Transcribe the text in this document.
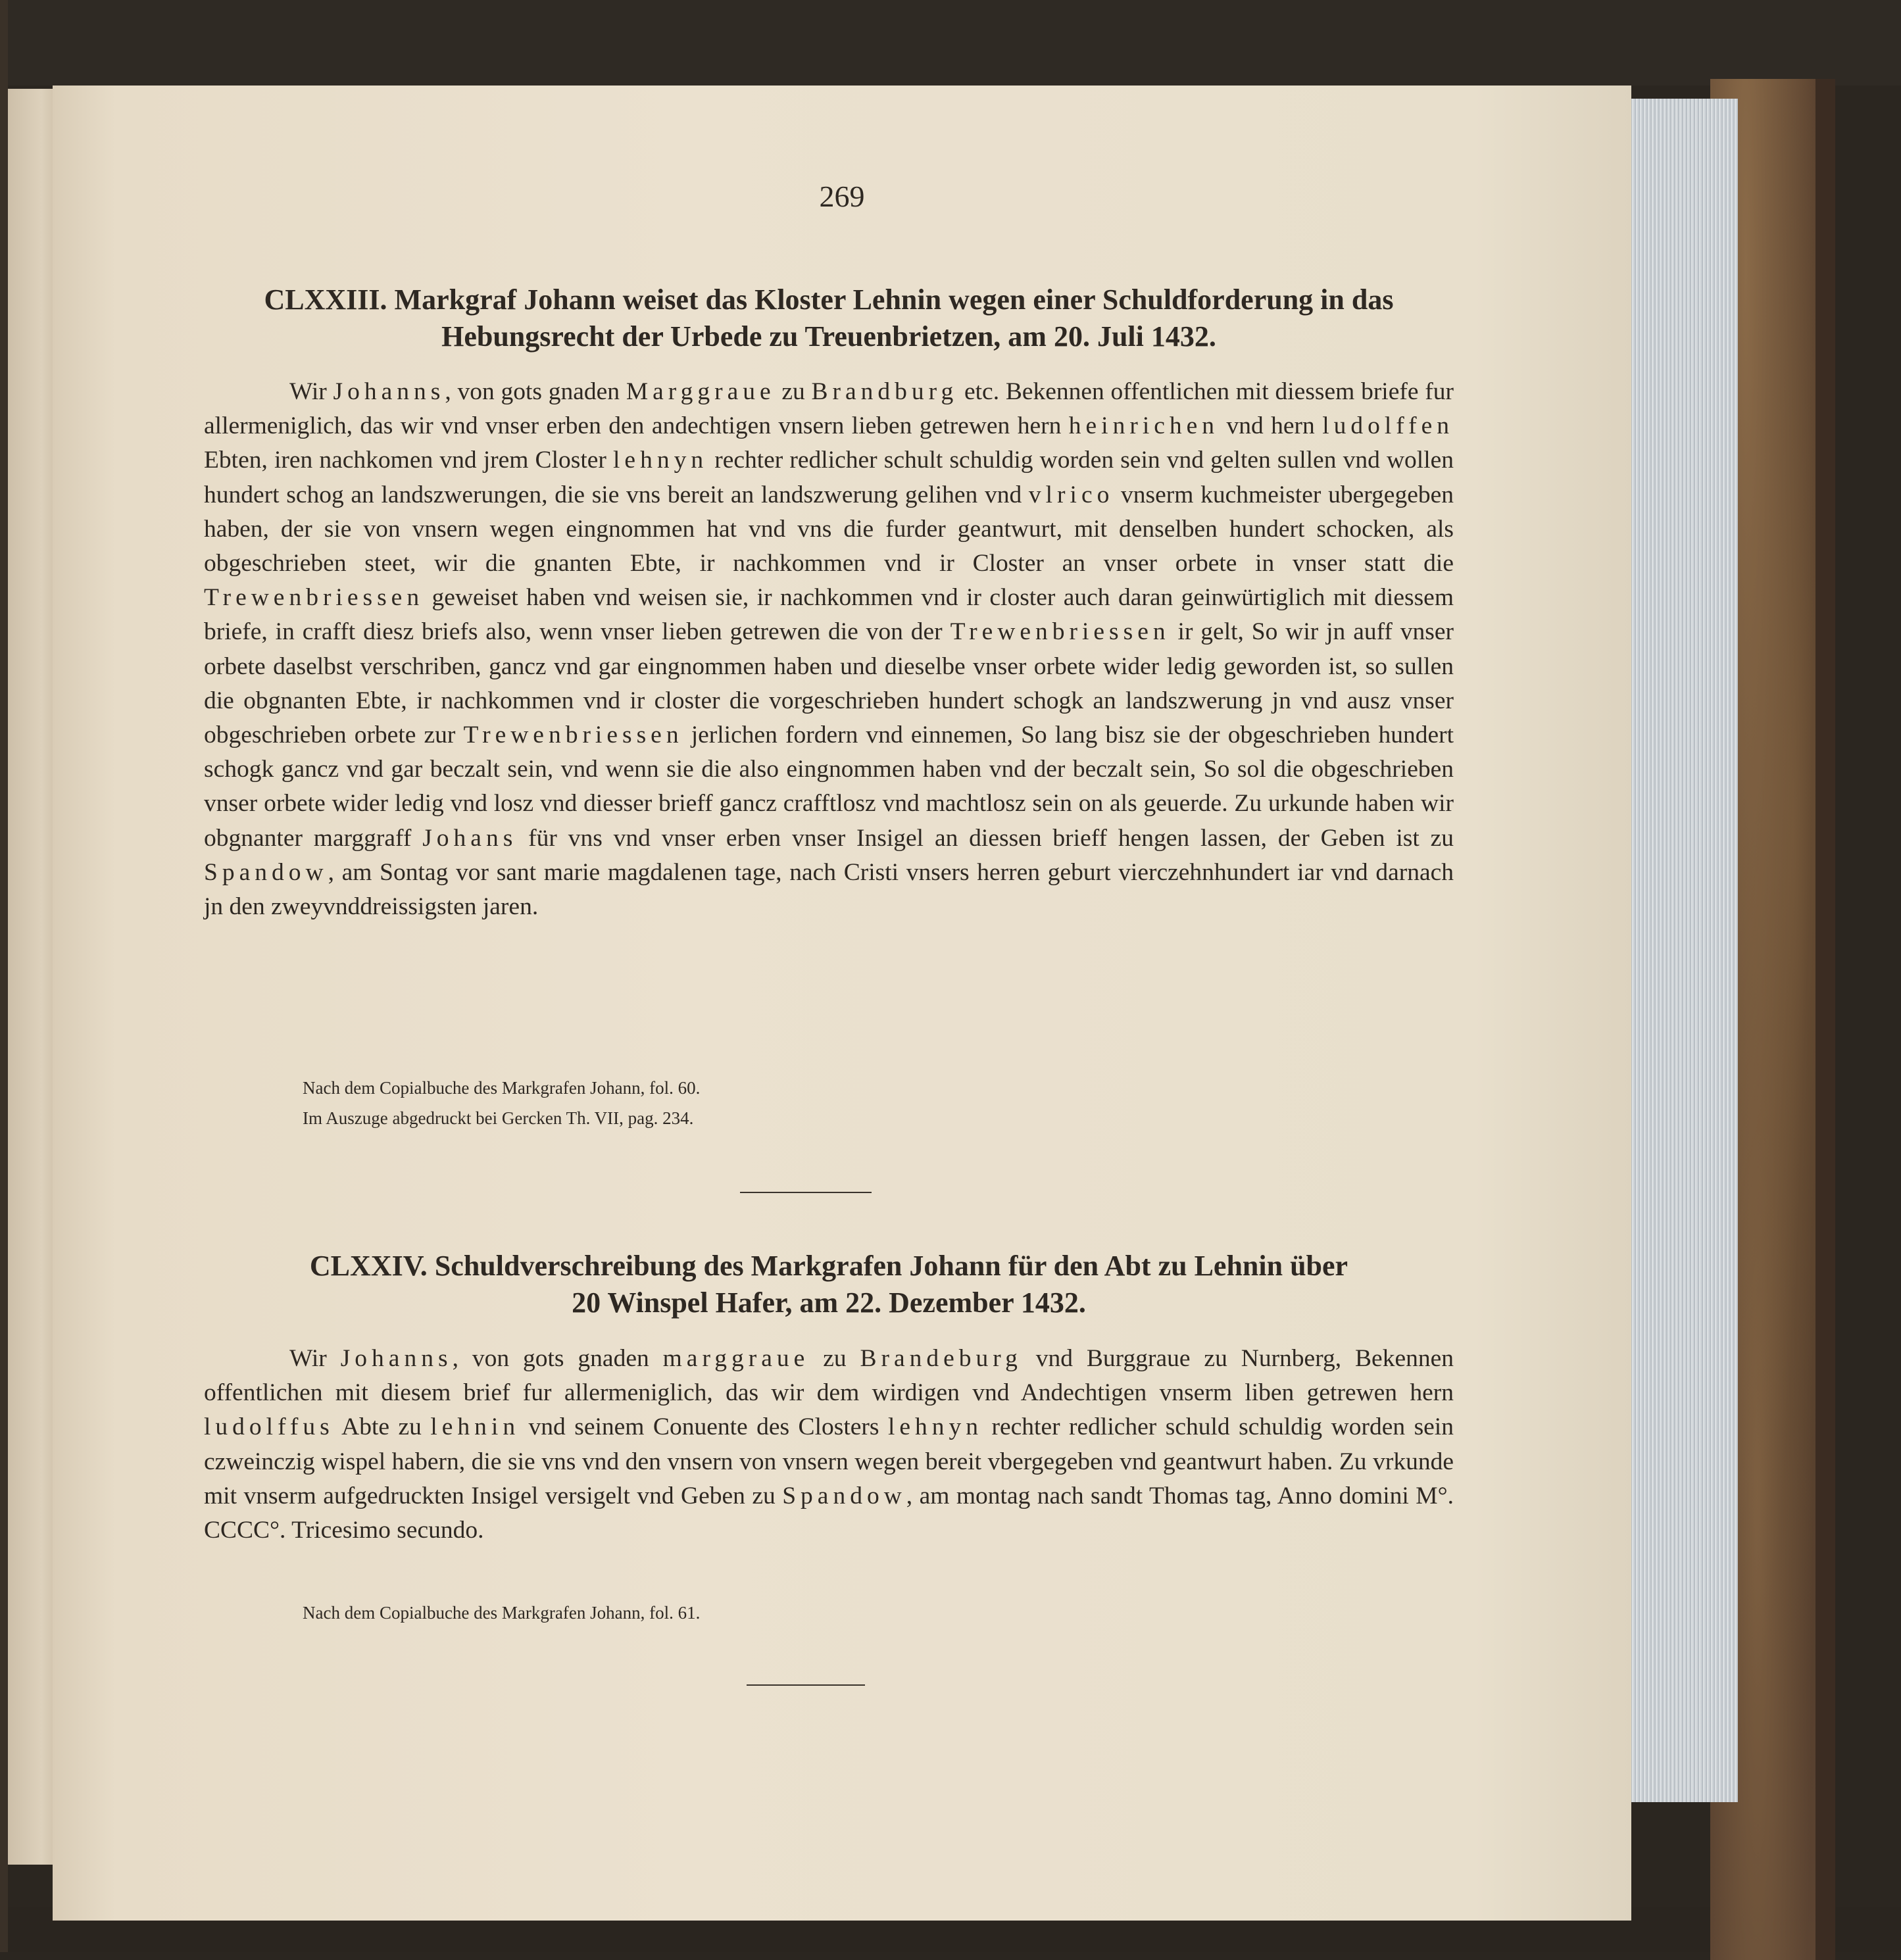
269
CLXXIII. Markgraf Johann weiset das Kloster Lehnin wegen einer Schuldforderung in das
Hebungsrecht der Urbede zu Treuenbrietzen, am 20. Juli 1432.

Wir Johanns, von gots gnaden Marggraue zu Brandburg etc. Bekennen offentlichen mit diessem briefe fur allermeniglich, das wir vnd vnser erben den andechtigen vnsern lieben getrewen hern heinrichen vnd hern ludolffen Ebten, iren nachkomen vnd jrem Closter lehnyn rechter redlicher schult schuldig worden sein vnd gelten sullen vnd wollen hundert schog an landszwerungen, die sie vns bereit an landszwerung gelihen vnd vlrico vnserm kuchmeister ubergegeben haben, der sie von vnsern wegen eingnommen hat vnd vns die furder geantwurt, mit denselben hundert schocken, als obgeschrieben steet, wir die gnanten Ebte, ir nachkommen vnd ir Closter an vnser orbete in vnser statt die Trewenbriessen geweiset haben vnd weisen sie, ir nachkommen vnd ir closter auch daran geinwürtiglich mit diessem briefe, in crafft diesz briefs also, wenn vnser lieben getrewen die von der Trewenbriessen ir gelt, So wir jn auff vnser orbete daselbst verschriben, gancz vnd gar eingnommen haben und dieselbe vnser orbete wider ledig geworden ist, so sullen die obgnanten Ebte, ir nachkommen vnd ir closter die vorgeschrieben hundert schogk an landszwerung jn vnd ausz vnser obgeschrieben orbete zur Trewenbriessen jerlichen fordern vnd einnemen, So lang bisz sie der obgeschrieben hundert schogk gancz vnd gar beczalt sein, vnd wenn sie die also eingnommen haben vnd der beczalt sein, So sol die obgeschrieben vnser orbete wider ledig vnd losz vnd diesser brieff gancz crafftlosz vnd machtlosz sein on als geuerde. Zu urkunde haben wir obgnanter marggraff Johans für vns vnd vnser erben vnser Insigel an diessen brieff hengen lassen, der Geben ist zu Spandow, am Sontag vor sant marie magdalenen tage, nach Cristi vnsers herren geburt vierczehnhundert iar vnd darnach jn den zweyvnddreissigsten jaren.

Nach dem Copialbuche des Markgrafen Johann, fol. 60.
Im Auszuge abgedruckt bei Gercken Th. VII, pag. 234.
CLXXIV. Schuldverschreibung des Markgrafen Johann für den Abt zu Lehnin über
20 Winspel Hafer, am 22. Dezember 1432.

Wir Johanns, von gots gnaden marggraue zu Brandeburg vnd Burggraue zu Nurnberg, Bekennen offentlichen mit diesem brief fur allermeniglich, das wir dem wirdigen vnd Andechtigen vnserm liben getrewen hern ludolffus Abte zu lehnin vnd seinem Conuente des Closters lehnyn rechter redlicher schuld schuldig worden sein czweinczig wispel habern, die sie vns vnd den vnsern von vnsern wegen bereit vbergegeben vnd geantwurt haben. Zu vrkunde mit vnserm aufgedruckten Insigel versigelt vnd Geben zu Spandow, am montag nach sandt Thomas tag, Anno domini M°. CCCC°. Tricesimo secundo.

Nach dem Copialbuche des Markgrafen Johann, fol. 61.
